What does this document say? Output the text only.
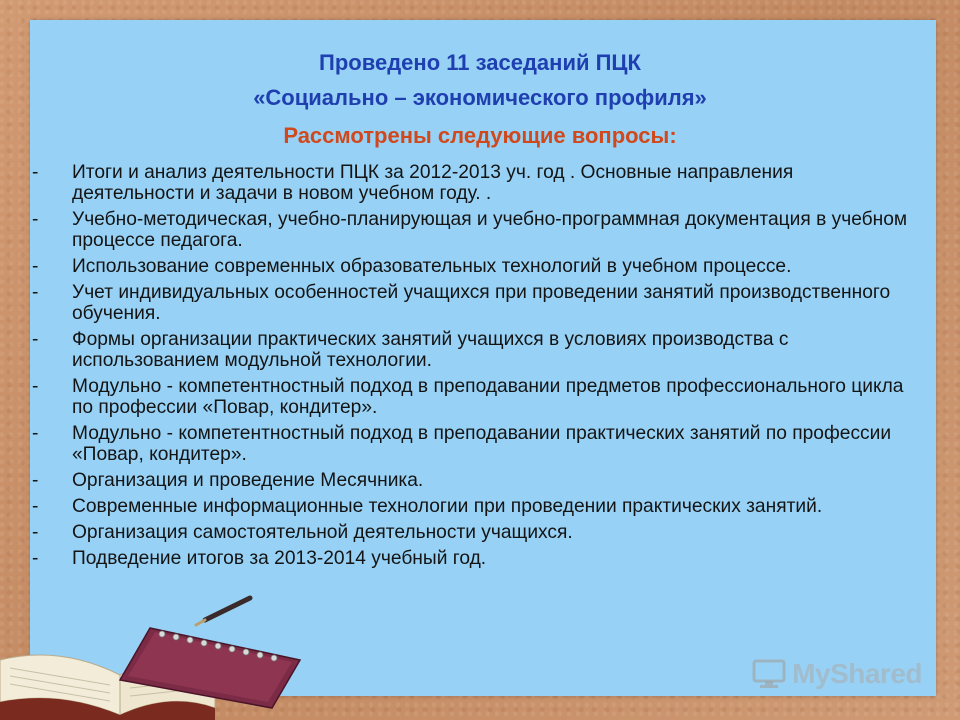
Проведено 11 заседаний ПЦК
«Социально – экономического профиля»
Рассмотрены следующие вопросы:
- Итоги и анализ деятельности ПЦК за 2012-2013 уч. год . Основные направления деятельности и задачи в новом учебном году. .
- Учебно-методическая, учебно-планирующая и учебно-программная документация в учебном процессе педагога.
- Использование современных образовательных технологий в учебном процессе.
- Учет индивидуальных особенностей учащихся при проведении занятий производственного обучения.
- Формы организации практических занятий учащихся в условиях производства с использованием модульной технологии.
- Модульно - компетентностный подход в преподавании предметов профессионального цикла по профессии «Повар, кондитер».
- Модульно - компетентностный подход в преподавании практических занятий по профессии «Повар, кондитер».
- Организация и проведение Месячника.
- Современные информационные технологии при проведении практических занятий.
- Организация самостоятельной деятельности учащихся.
- Подведение итогов за 2013-2014 учебный год.
MyShared
